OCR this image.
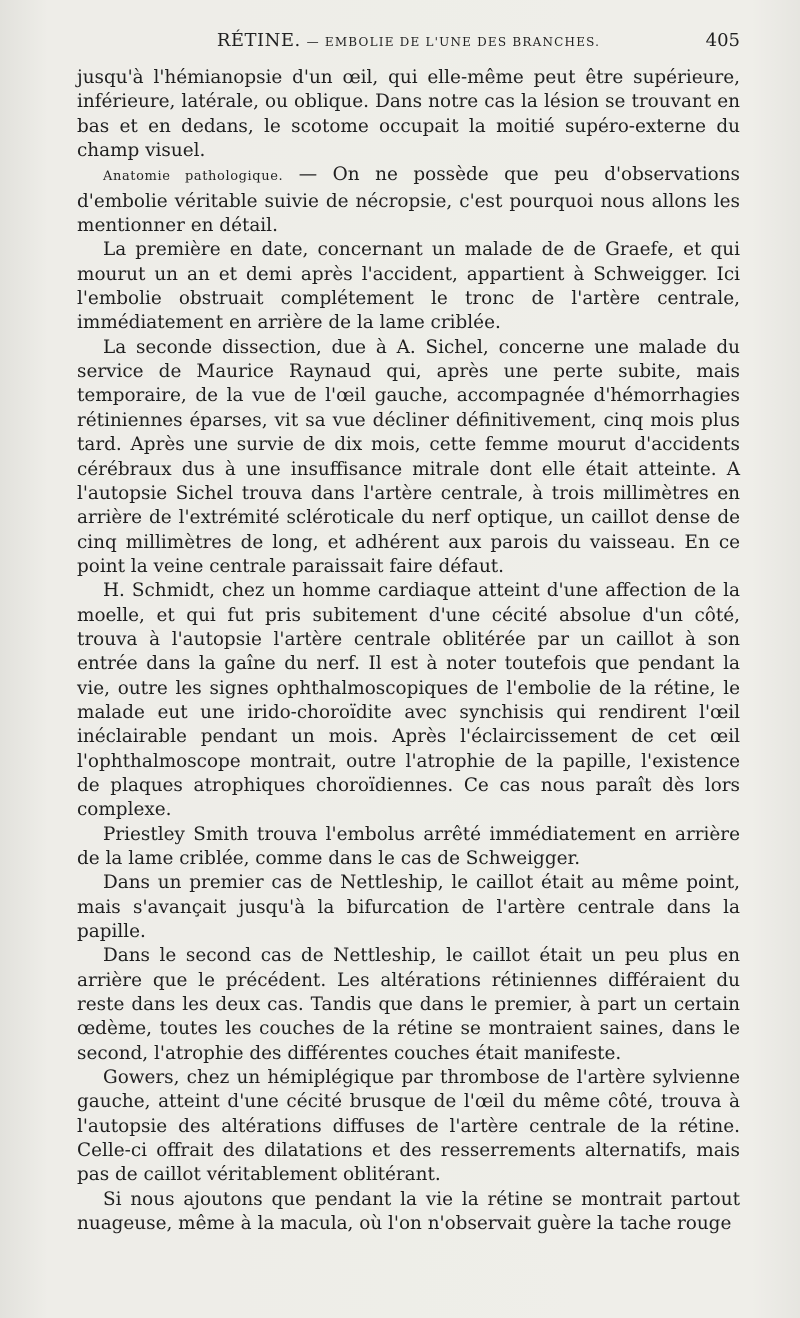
RÉTINE. — EMBOLIE DE L'UNE DES BRANCHES.	405

jusqu'à l'hémianopsie d'un œil, qui elle-même peut être supérieure, inférieure, latérale, ou oblique. Dans notre cas la lésion se trouvant en bas et en dedans, le scotome occupait la moitié supéro-externe du champ visuel.

Anatomie pathologique. — On ne possède que peu d'observations d'embolie véritable suivie de nécropsie, c'est pourquoi nous allons les mentionner en détail.

La première en date, concernant un malade de de Graefe, et qui mourut un an et demi après l'accident, appartient à Schweigger. Ici l'embolie obstruait complétement le tronc de l'artère centrale, immédiatement en arrière de la lame criblée.

La seconde dissection, due à A. Sichel, concerne une malade du service de Maurice Raynaud qui, après une perte subite, mais temporaire, de la vue de l'œil gauche, accompagnée d'hémorrhagies rétiniennes éparses, vit sa vue décliner définitivement, cinq mois plus tard. Après une survie de dix mois, cette femme mourut d'accidents cérébraux dus à une insuffisance mitrale dont elle était atteinte. A l'autopsie Sichel trouva dans l'artère centrale, à trois millimètres en arrière de l'extrémité scléroticale du nerf optique, un caillot dense de cinq millimètres de long, et adhérent aux parois du vaisseau. En ce point la veine centrale paraissait faire défaut.

H. Schmidt, chez un homme cardiaque atteint d'une affection de la moelle, et qui fut pris subitement d'une cécité absolue d'un côté, trouva à l'autopsie l'artère centrale oblitérée par un caillot à son entrée dans la gaîne du nerf. Il est à noter toutefois que pendant la vie, outre les signes ophthalmoscopiques de l'embolie de la rétine, le malade eut une irido-choroïdite avec synchisis qui rendirent l'œil inéclairable pendant un mois. Après l'éclaircissement de cet œil l'ophthalmoscope montrait, outre l'atrophie de la papille, l'existence de plaques atrophiques choroïdiennes. Ce cas nous paraît dès lors complexe.

Priestley Smith trouva l'embolus arrêté immédiatement en arrière de la lame criblée, comme dans le cas de Schweigger.

Dans un premier cas de Nettleship, le caillot était au même point, mais s'avançait jusqu'à la bifurcation de l'artère centrale dans la papille.

Dans le second cas de Nettleship, le caillot était un peu plus en arrière que le précédent. Les altérations rétiniennes différaient du reste dans les deux cas. Tandis que dans le premier, à part un certain œdème, toutes les couches de la rétine se montraient saines, dans le second, l'atrophie des différentes couches était manifeste.

Gowers, chez un hémiplégique par thrombose de l'artère sylvienne gauche, atteint d'une cécité brusque de l'œil du même côté, trouva à l'autopsie des altérations diffuses de l'artère centrale de la rétine. Celle-ci offrait des dilatations et des resserrements alternatifs, mais pas de caillot véritablement oblitérant.

Si nous ajoutons que pendant la vie la rétine se montrait partout nuageuse, même à la macula, où l'on n'observait guère la tache rouge
